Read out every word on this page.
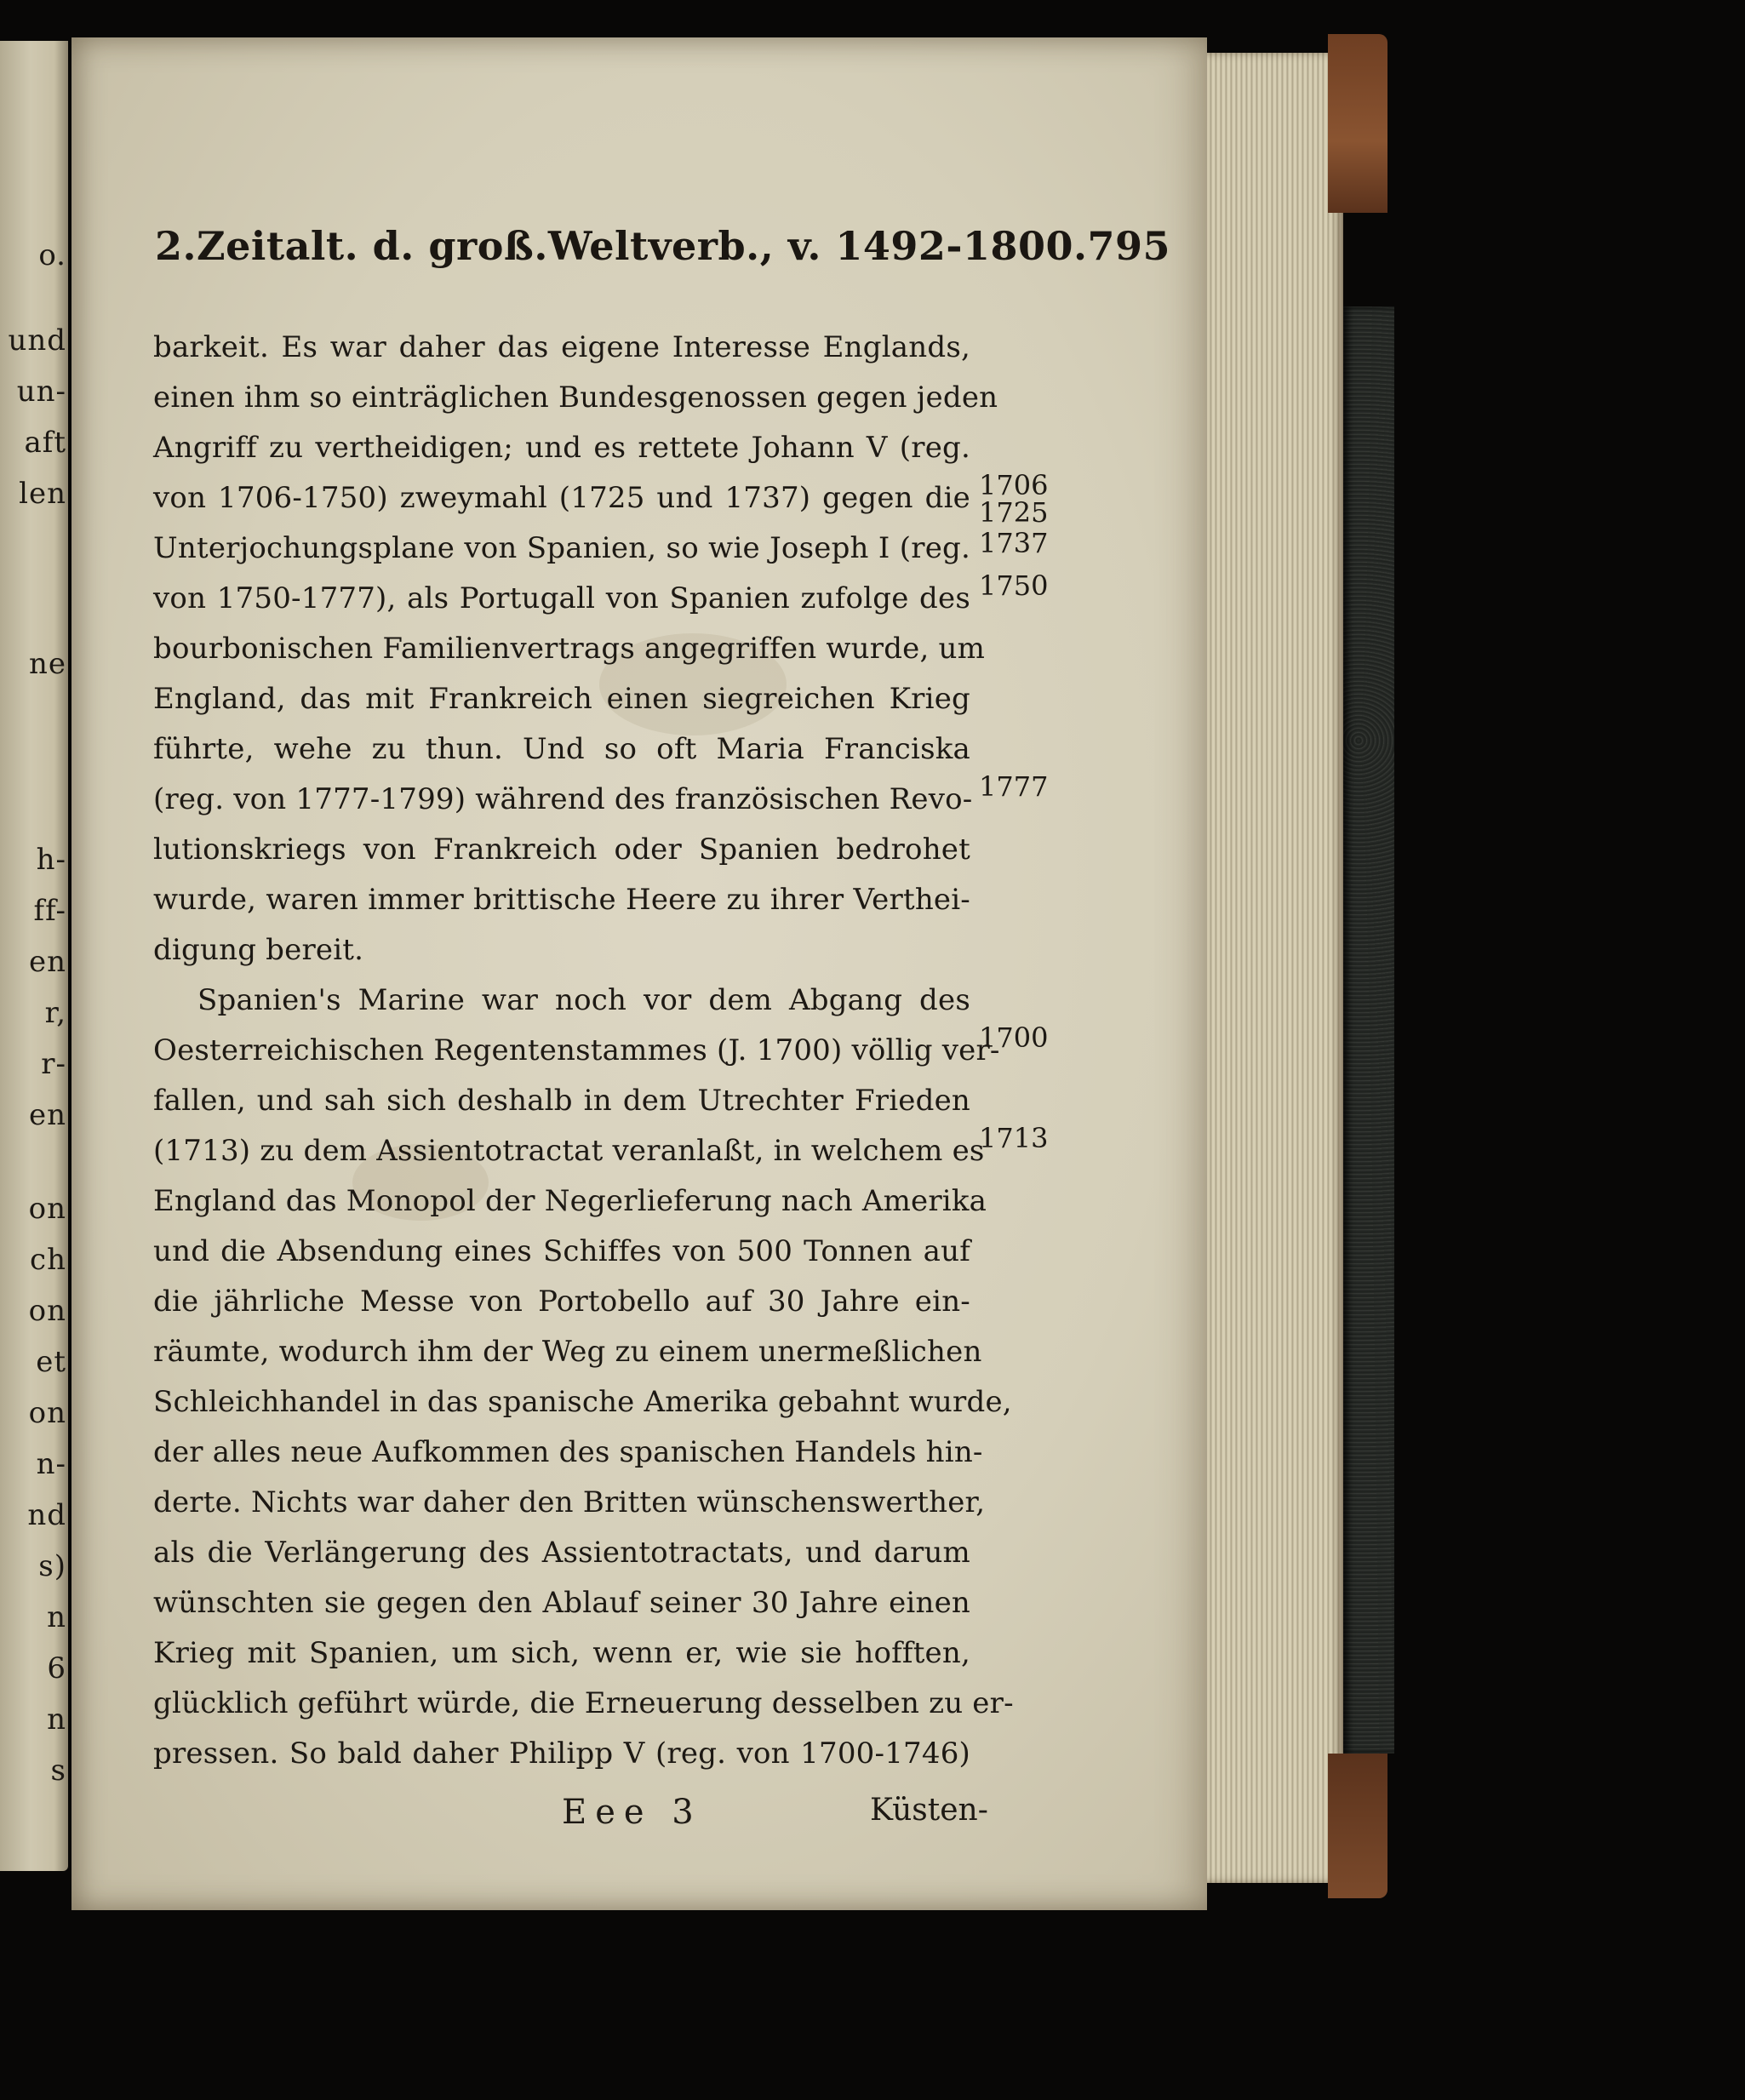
o.
und
un-
aft
len
ne
h-
ff-
en
r,
r-
en
on
ch
on
et
on
n-
nd
s)
n
6
n
s
2.Zeitalt. d. groß.Weltverb., v. 1492-1800. 795
barkeit. Es war daher das eigene Interesse Englands,
einen ihm so einträglichen Bundesgenossen gegen jeden
Angriff zu vertheidigen; und es rettete Johann V (reg.
von 1706-1750) zweymahl (1725 und 1737) gegen die
Unterjochungsplane von Spanien, so wie Joseph I (reg.
von 1750-1777), als Portugall von Spanien zufolge des
bourbonischen Familienvertrags angegriffen wurde, um
England, das mit Frankreich einen siegreichen Krieg
führte, wehe zu thun. Und so oft Maria Franciska
(reg. von 1777-1799) während des französischen Revo-
lutionskriegs von Frankreich oder Spanien bedrohet
wurde, waren immer brittische Heere zu ihrer Verthei-
digung bereit.
Spanien's Marine war noch vor dem Abgang des
Oesterreichischen Regentenstammes (J. 1700) völlig ver-
fallen, und sah sich deshalb in dem Utrechter Frieden
(1713) zu dem Assientotractat veranlaßt, in welchem es
England das Monopol der Negerlieferung nach Amerika
und die Absendung eines Schiffes von 500 Tonnen auf
die jährliche Messe von Portobello auf 30 Jahre ein-
räumte, wodurch ihm der Weg zu einem unermeßlichen
Schleichhandel in das spanische Amerika gebahnt wurde,
der alles neue Aufkommen des spanischen Handels hin-
derte. Nichts war daher den Britten wünschenswerther,
als die Verlängerung des Assientotractats, und darum
wünschten sie gegen den Ablauf seiner 30 Jahre einen
Krieg mit Spanien, um sich, wenn er, wie sie hofften,
glücklich geführt würde, die Erneuerung desselben zu er-
pressen. So bald daher Philipp V (reg. von 1700-1746)
1706
1725
1737
1750
1777
1700
1713
Eee 3	Küsten-
